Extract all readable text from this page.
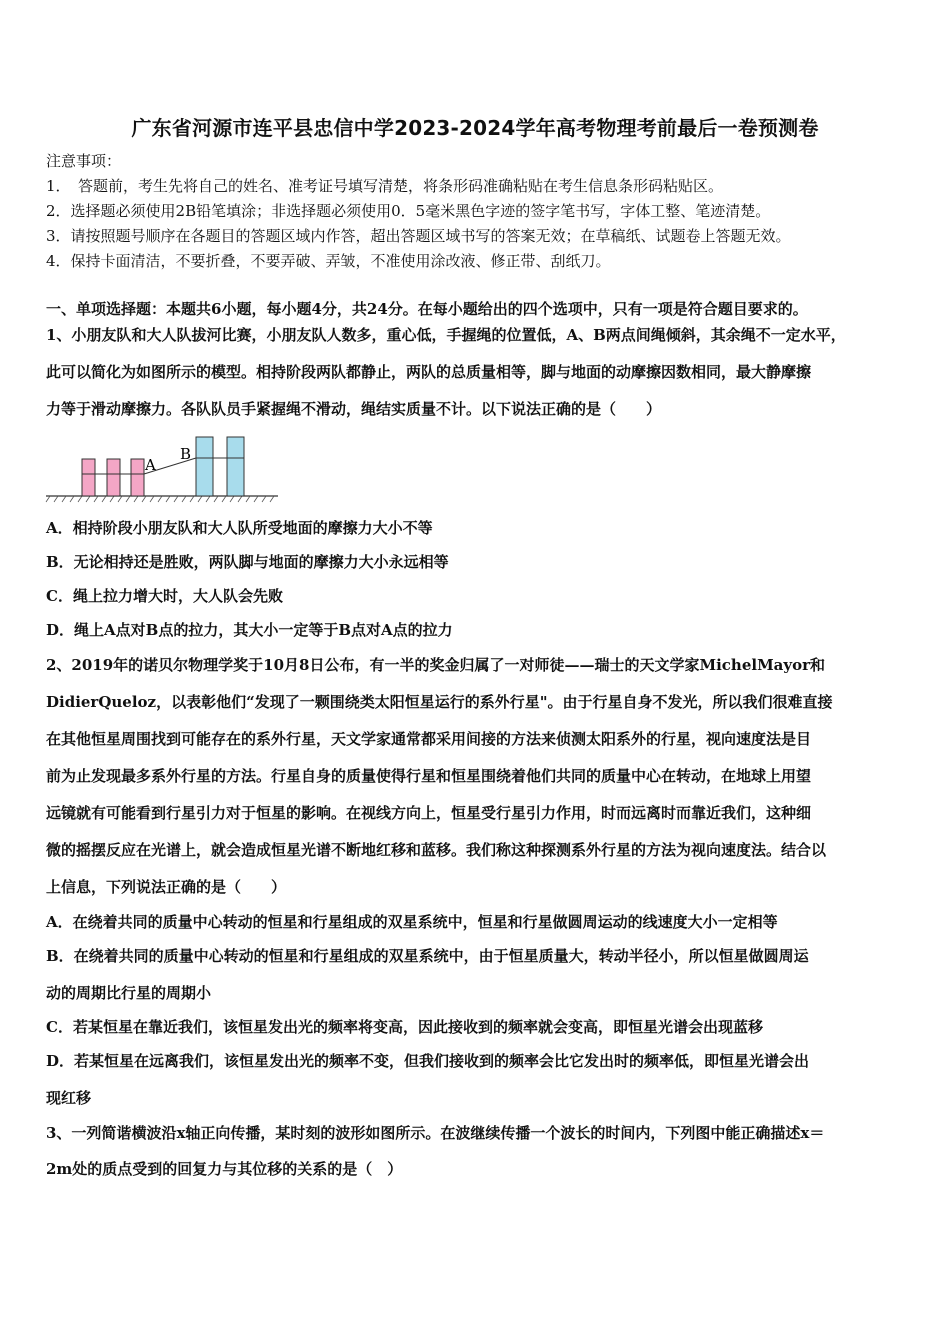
广东省河源市连平县忠信中学2023-2024学年高考物理考前最后一卷预测卷
注意事项：
1．　答题前，考生先将自己的姓名、准考证号填写清楚，将条形码准确粘贴在考生信息条形码粘贴区。
2．选择题必须使用2B铅笔填涂；非选择题必须使用0．5毫米黑色字迹的签字笔书写，字体工整、笔迹清楚。
3．请按照题号顺序在各题目的答题区域内作答，超出答题区域书写的答案无效；在草稿纸、试题卷上答题无效。
4．保持卡面清洁，不要折叠，不要弄破、弄皱，不准使用涂改液、修正带、刮纸刀。
一、单项选择题：本题共6小题，每小题4分，共24分。在每小题给出的四个选项中，只有一项是符合题目要求的。
1、小朋友队和大人队拔河比赛，小朋友队人数多，重心低，手握绳的位置低，A、B两点间绳倾斜，其余绳不一定水平，
此可以简化为如图所示的模型。相持阶段两队都静止，两队的总质量相等，脚与地面的动摩擦因数相同，最大静摩擦
力等于滑动摩擦力。各队队员手紧握绳不滑动，绳结实质量不计。以下说法正确的是（　　）
A
B
A．相持阶段小朋友队和大人队所受地面的摩擦力大小不等
B．无论相持还是胜败，两队脚与地面的摩擦力大小永远相等
C．绳上拉力增大时，大人队会先败
D．绳上A点对B点的拉力，其大小一定等于B点对A点的拉力
2、2019年的诺贝尔物理学奖于10月8日公布，有一半的奖金归属了一对师徒——瑞士的天文学家MichelMayor和
DidierQueloz，以表彰他们“发现了一颗围绕类太阳恒星运行的系外行星"。由于行星自身不发光，所以我们很难直接
在其他恒星周围找到可能存在的系外行星，天文学家通常都采用间接的方法来侦测太阳系外的行星，视向速度法是目
前为止发现最多系外行星的方法。行星自身的质量使得行星和恒星围绕着他们共同的质量中心在转动，在地球上用望
远镜就有可能看到行星引力对于恒星的影响。在视线方向上，恒星受行星引力作用，时而远离时而靠近我们，这种细
微的摇摆反应在光谱上，就会造成恒星光谱不断地红移和蓝移。我们称这种探测系外行星的方法为视向速度法。结合以
上信息，下列说法正确的是（　　）
A．在绕着共同的质量中心转动的恒星和行星组成的双星系统中，恒星和行星做圆周运动的线速度大小一定相等
B．在绕着共同的质量中心转动的恒星和行星组成的双星系统中，由于恒星质量大，转动半径小，所以恒星做圆周运
动的周期比行星的周期小
C．若某恒星在靠近我们，该恒星发出光的频率将变高，因此接收到的频率就会变高，即恒星光谱会出现蓝移
D．若某恒星在远离我们，该恒星发出光的频率不变，但我们接收到的频率会比它发出时的频率低，即恒星光谱会出
现红移
3、一列简谐横波沿x轴正向传播，某时刻的波形如图所示。在波继续传播一个波长的时间内，下列图中能正确描述x＝
2m处的质点受到的回复力与其位移的关系的是（　）
